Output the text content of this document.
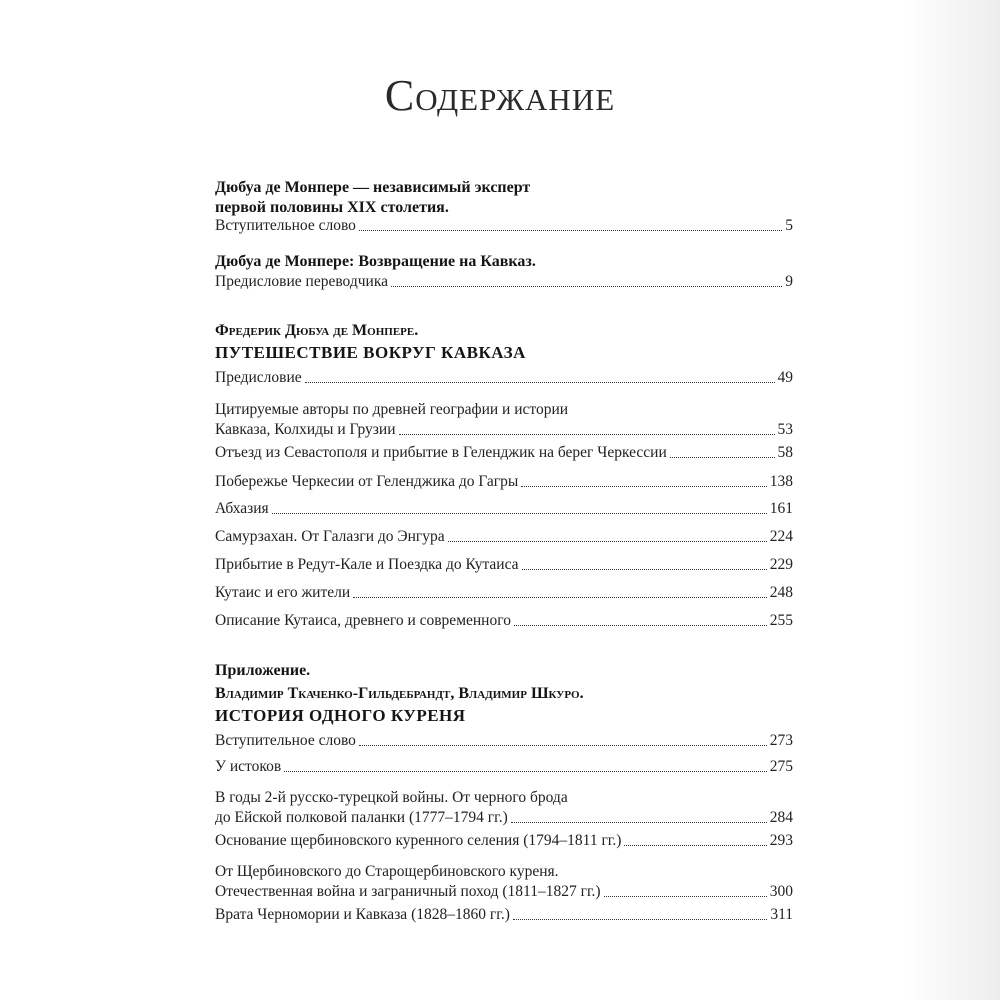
Содержание
Дюбуа де Монпере — независимый эксперт
первой половины XIX столетия.
Вступительное слово	5
Дюбуа де Монпере: Возвращение на Кавказ.
Предисловие переводчика	9
Фредерик Дюбуа де Монпере.
ПУТЕШЕСТВИЕ ВОКРУГ КАВКАЗА
Предисловие	49
Цитируемые авторы по древней географии и истории
Кавказа, Колхиды и Грузии	53
Отъезд из Севастополя и прибытие в Геленджик на берег Черкессии	58
Побережье Черкесии от Геленджика до Гагры	138
Абхазия	161
Самурзахан. От Галазги до Энгура	224
Прибытие в Редут-Кале и Поездка до Кутаиса	229
Кутаис и его жители	248
Описание Кутаиса, древнего и современного	255
Приложение.
Владимир Ткаченко-Гильдебрандт, Владимир Шкуро.
ИСТОРИЯ ОДНОГО КУРЕНЯ
Вступительное слово	273
У истоков	275
В годы 2-й русско-турецкой войны. От черного брода
до Ейской полковой паланки (1777–1794 гг.)	284
Основание щербиновского куренного селения (1794–1811 гг.)	293
От Щербиновского до Старощербиновского куреня.
Отечественная война и заграничный поход (1811–1827 гг.)	300
Врата Черномории и Кавказа (1828–1860 гг.)	311
